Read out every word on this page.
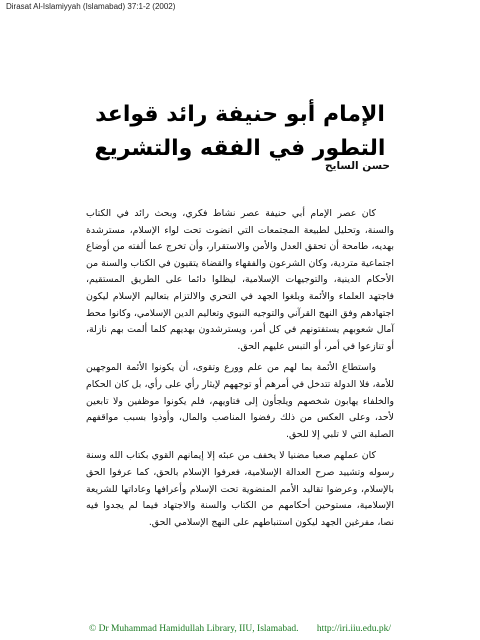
Dirasat Al-Islamiyyah (Islamabad) 37:1-2 (2002)
الإمام أبو حنيفة رائد قواعد
التطور في الفقه والتشريع
حسن السايح

كان عصر الإمام أبي حنيفة عصر نشاط فكري، وبحث رائد في الكتاب والسنة، وتحليل لطبيعة المجتمعات التي انضوت تحت لواء الإسلام، مسترشدة بهديه، طامحة أن تحقق العدل والأمن والاستقرار، وأن تخرج عما ألفته من أوضاع اجتماعية متردية، وكان الشرعون والفقهاء والقضاة يتقيون في الكتاب والسنة من الأحكام الدينية، والتوجيهات الإسلامية، ليظلوا دائما على الطريق المستقيم، فاجتهد العلماء والأئمة وبلغوا الجهد في التحري والالتزام بتعاليم الإسلام ليكون اجتهادهم وفق النهج القرآني والتوجيه النبوي وتعاليم الدين الإسلامي، وكانوا محط آمال شعوبهم يستفتونهم في كل أمر، ويسترشدون بهديهم كلما ألمت بهم نازلة، أو تنازعوا في أمر، أو التبس عليهم الحق.

واستطاع الأئمة بما لهم من علم وورع وتقوى، أن يكونوا الأئمة الموجهين للأمة، فلا الدولة تتدخل في أمرهم أو توجههم لإيثار رأي على رأي، بل كان الحكام والخلفاء يهابون شخصهم ويلجأون إلى فتاويهم، فلم يكونوا موظفين ولا تابعين لأحد، وعلى العكس من ذلك رفضوا المناصب والمال، وأوذوا بسبب مواقفهم الصلبة التي لا تلبي إلا للحق.

كان عملهم صعبا مضنيا لا يخفف من عبئه إلا إيمانهم القوي بكتاب الله وسنة رسوله وتشييد صرح العدالة الإسلامية، فعرفوا الإسلام بالحق، كما عرفوا الحق بالإسلام، وعرضوا تقاليد الأمم المنضوية تحت الإسلام وأعرافها وعاداتها للشريعة الإسلامية، مستوحين أحكامهم من الكتاب والسنة والاجتهاد فيما لم يجدوا فيه نصا، مفرغين الجهد ليكون استنباطهم على النهج الإسلامي الحق.

© Dr Muhammad Hamidullah Library, IIU, Islamabad. http://iri.iiu.edu.pk/
